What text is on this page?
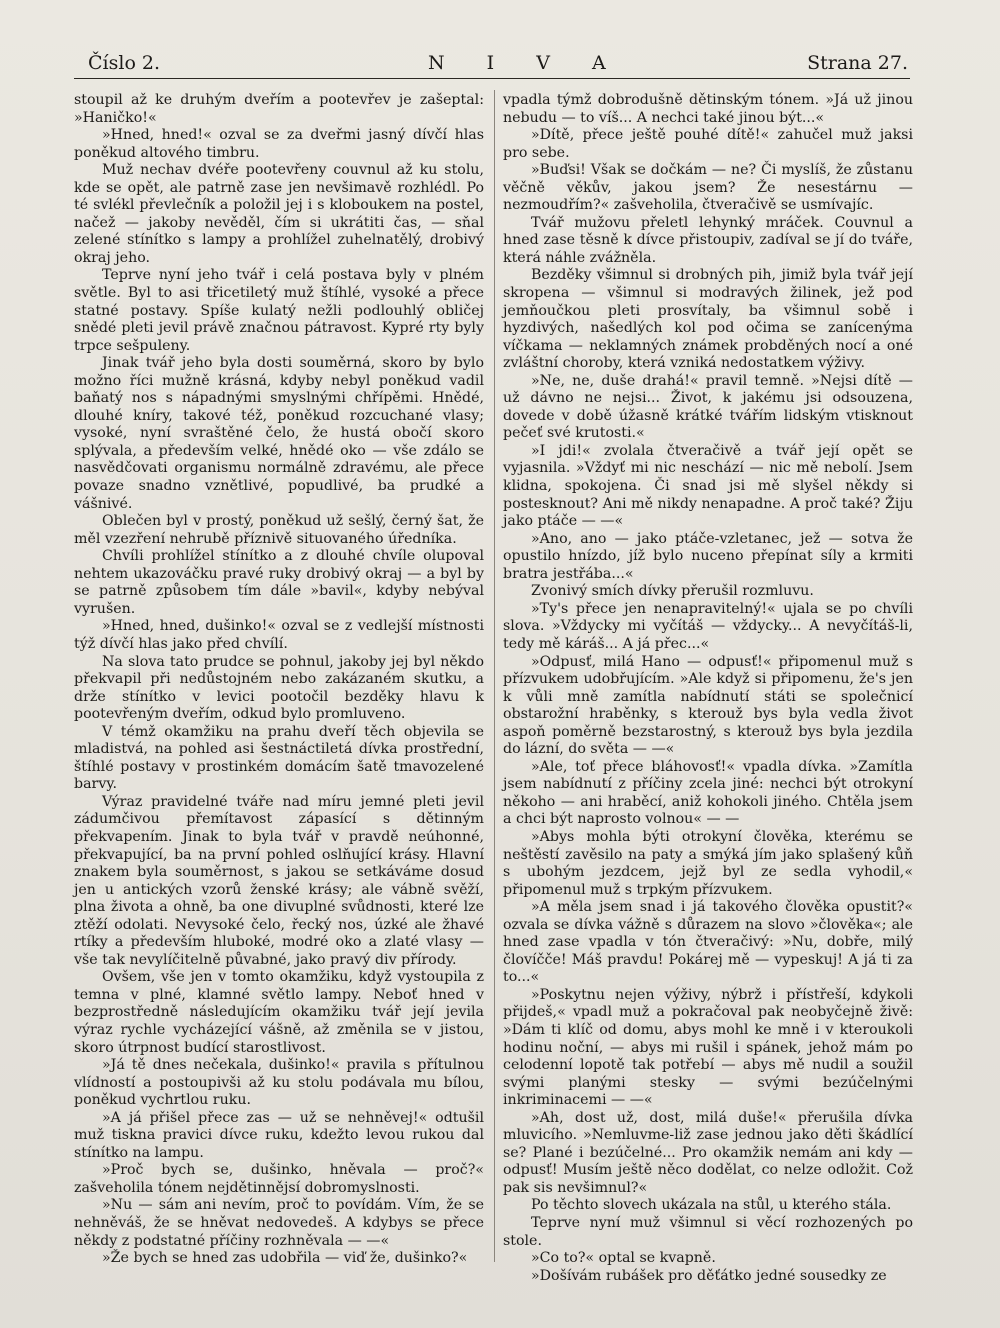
Číslo 2.	N I V A	Strana 27.

stoupil až ke druhým dveřím a pootevřev je zašeptal: »Haničko!«

»Hned, hned!« ozval se za dveřmi jasný dívčí hlas poněkud altového timbru.

Muž nechav dvéře pootevřeny couvnul až ku stolu, kde se opět, ale patrně zase jen nevšimavě rozhlédl. Po té svlékl převlečník a položil jej i s kloboukem na postel, načež — jakoby nevěděl, čím si ukrátiti čas, — sňal zelené stínítko s lampy a prohlížel zuhelnatělý, drobivý okraj jeho.

Teprve nyní jeho tvář i celá postava byly v plném světle. Byl to asi třicetiletý muž štíhlé, vysoké a přece statné postavy. Spíše kulatý nežli podlouhlý obličej snědé pleti jevil právě značnou pátravost. Kypré rty byly trpce sešpuleny.

Jinak tvář jeho byla dosti souměrná, skoro by bylo možno říci mužně krásná, kdyby nebyl poněkud vadil baňatý nos s nápadnými smyslnými chřípěmi. Hnědé, dlouhé kníry, takové též, poněkud rozcuchané vlasy; vysoké, nyní svraštěné čelo, že hustá obočí skoro splývala, a především velké, hnědé oko — vše zdálo se nasvědčovati organismu normálně zdravému, ale přece povaze snadno vznětlivé, popudlivé, ba prudké a vášnivé.

Oblečen byl v prostý, poněkud už sešlý, černý šat, že měl vzezření nehrubě příznivě situovaného úředníka.

Chvíli prohlížel stínítko a z dlouhé chvíle olupoval nehtem ukazováčku pravé ruky drobivý okraj — a byl by se patrně způsobem tím dále »bavil«, kdyby nebýval vyrušen.

»Hned, hned, dušinko!« ozval se z vedlejší místnosti týž dívčí hlas jako před chvílí.

Na slova tato prudce se pohnul, jakoby jej byl někdo překvapil při nedůstojném nebo zakázaném skutku, a drže stínítko v levici pootočil bezděky hlavu k pootevřeným dveřím, odkud bylo promluveno.

V témž okamžiku na prahu dveří těch objevila se mladistvá, na pohled asi šestnáctiletá dívka prostřední, štíhlé postavy v prostinkém domácím šatě tmavozelené barvy.

Výraz pravidelné tváře nad míru jemné pleti jevil zádumčivou přemítavost zápasící s dětinným překvapením. Jinak to byla tvář v pravdě neúhonné, překvapující, ba na první pohled oslňující krásy. Hlavní znakem byla souměrnost, s jakou se setkáváme dosud jen u antických vzorů ženské krásy; ale vábně svěží, plna života a ohně, ba one divuplné svůdnosti, které lze ztěží odolati. Nevysoké čelo, řecký nos, úzké ale žhavé rtíky a především hluboké, modré oko a zlaté vlasy — vše tak nevylíčitelně půvabné, jako pravý div přírody.

Ovšem, vše jen v tomto okamžiku, když vystoupila z temna v plné, klamné světlo lampy. Neboť hned v bezprostředně následujícím okamžiku tvář její jevila výraz rychle vycházející vášně, až změnila se v jistou, skoro útrpnost budící starostlivost.

»Já tě dnes nečekala, dušinko!« pravila s přítulnou vlídností a postoupivši až ku stolu podávala mu bílou, poněkud vychrtlou ruku.

»A já přišel přece zas — už se nehněvej!« odtušil muž tiskna pravici dívce ruku, kdežto levou rukou dal stínítko na lampu.

»Proč bych se, dušinko, hněvala — proč?« zašveholila tónem nejdětinnějsí dobromyslnosti.

»Nu — sám ani nevím, proč to povídám. Vím, že se nehněváš, že se hněvat nedovedeš. A kdybys se přece někdy z podstatné příčiny rozhněvala — —«

»Že bych se hned zas udobřila — viď že, dušinko?«

vpadla týmž dobrodušně dětinským tónem. »Já už jinou nebudu — to víš... A nechci také jinou být...«

»Dítě, přece ještě pouhé dítě!« zahučel muž jaksi pro sebe.

»Buďsi! Však se dočkám — ne? Či myslíš, že zůstanu věčně věkův, jakou jsem? Že nesestárnu — nezmoudřím?« zašveholila, čtveračivě se usmívajíc.

Tvář mužovu přeletl lehynký mráček. Couvnul a hned zase těsně k dívce přistoupiv, zadíval se jí do tváře, která náhle zvážněla.

Bezděky všimnul si drobných pih, jimiž byla tvář její skropena — všimnul si modravých žilinek, jež pod jemňoučkou pleti prosvítaly, ba všimnul sobě i hyzdivých, našedlých kol pod očima se zanícenýma víčkama — neklamných známek probděných nocí a oné zvláštní choroby, která vzniká nedostatkem výživy.

»Ne, ne, duše drahá!« pravil temně. »Nejsi dítě — už dávno ne nejsi... Život, k jakému jsi odsouzena, dovede v době úžasně krátké tvářím lidským vtisknout pečeť své krutosti.«

»I jdi!« zvolala čtveračivě a tvář její opět se vyjasnila. »Vždyť mi nic neschází — nic mě nebolí. Jsem klidna, spokojena. Či snad jsi mě slyšel někdy si postesknout? Ani mě nikdy nenapadne. A proč také? Žiju jako ptáče — —«

»Ano, ano — jako ptáče-vzletanec, jež — sotva že opustilo hnízdo, jíž bylo nuceno přepínat síly a krmiti bratra jestřába...«

Zvonivý smích dívky přerušil rozmluvu.

»Ty's přece jen nenapravitelný!« ujala se po chvíli slova. »Vždycky mi vyčítáš — vždycky... A nevyčítáš-li, tedy mě káráš... A já přec...«

»Odpusť, milá Hano — odpusť!« připomenul muž s přízvukem udobřujícím. »Ale když si připomenu, že's jen k vůli mně zamítla nabídnutí státi se společnicí obstarožní hraběnky, s kterouž bys byla vedla život aspoň poměrně bezstarostný, s kterouž bys byla jezdila do lázní, do světa — —«

»Ale, toť přece bláhovosť!« vpadla dívka. »Zamítla jsem nabídnutí z příčiny zcela jiné: nechci být otrokyní někoho — ani hraběcí, aniž kohokoli jiného. Chtěla jsem a chci být naprosto volnou« — —

»Abys mohla býti otrokyní člověka, kterému se neštěstí zavěsilo na paty a smýká jím jako splašený kůň s ubohým jezdcem, jejž byl ze sedla vyhodil,« připomenul muž s trpkým přízvukem.

»A měla jsem snad i já takového člověka opustit?« ozvala se dívka vážně s důrazem na slovo »člověka«; ale hned zase vpadla v tón čtveračivý: »Nu, dobře, milý človíčče! Máš pravdu! Pokárej mě — vypeskuj! A já ti za to...«

»Poskytnu nejen výživy, nýbrž i přístřeší, kdykoli přijdeš,« vpadl muž a pokračoval pak neobyčejně živě: »Dám ti klíč od domu, abys mohl ke mně i v kteroukoli hodinu noční, — abys mi rušil i spánek, jehož mám po celodenní lopotě tak potřebí — abys mě nudil a soužil svými planými stesky — svými bezúčelnými inkriminacemi — —«

»Ah, dost už, dost, milá duše!« přerušila dívka mluvicího. »Nemluvme-liž zase jednou jako děti škádlící se? Plané i bezúčelné... Pro okamžik nemám ani kdy — odpusť! Musím ještě něco dodělat, co nelze odložit. Což pak sis nevšimnul?«

Po těchto slovech ukázala na stůl, u kterého stála.

Teprve nyní muž všimnul si věcí rozhozených po stole.

»Co to?« optal se kvapně.

»Došívám rubášek pro děťátko jedné sousedky ze
